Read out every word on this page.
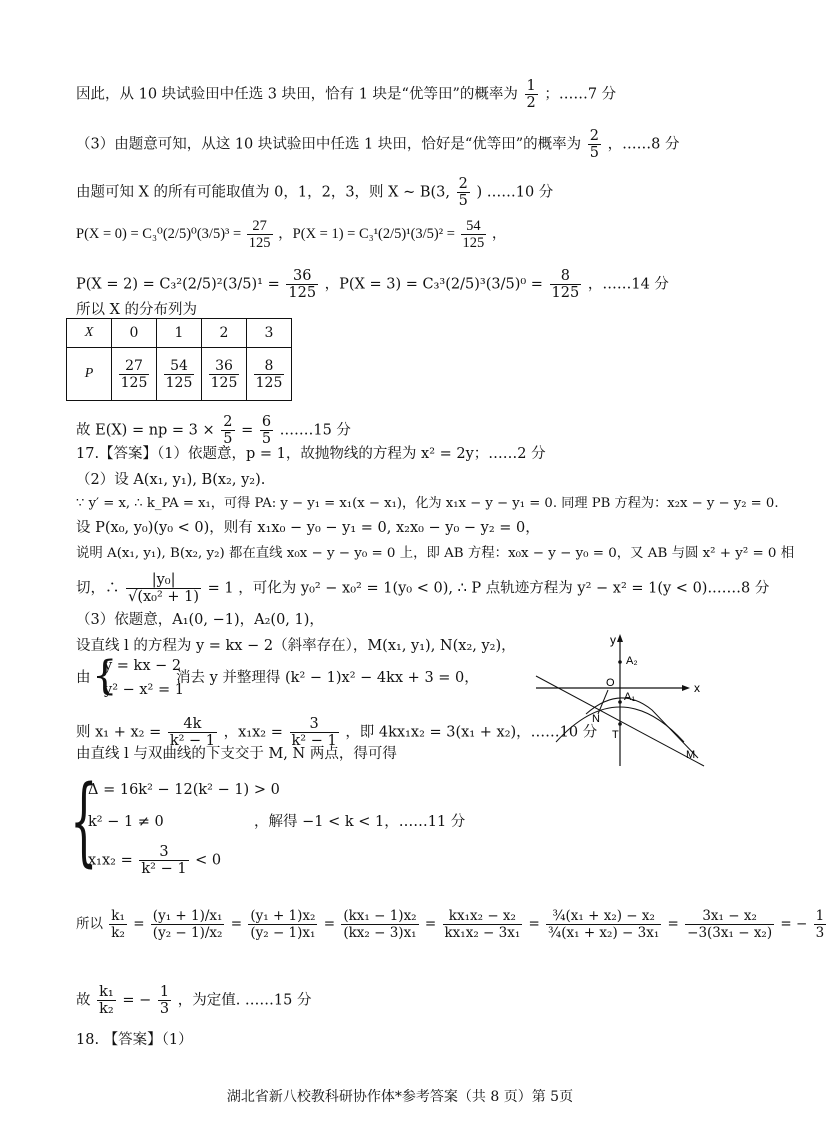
因此，从 10 块试验田中任选 3 块田，恰有 1 块是“优等田”的概率为 $\frac{1}{2}$ ；……7 分
（3）由题意可知，从这 10 块试验田中任选 1 块田，恰好是“优等田”的概率为 $\frac{2}{5}$ ，……8 分
由题可知 X 的所有可能取值为 0，1，2，3，则 X ~ B(3, $\frac{2}{5}$ ) ……10 分
$P(X = 0) = C_3^0(2/5)^0(3/5)^3 = \frac{27}{125}$ ，$P(X = 1) = C_3^1(2/5)^1(3/5)^2 = \frac{54}{125}$ ，
$P(X = 2) = C_3^2(2/5)^2(3/5)^1 = \frac{36}{125}$ ，$P(X = 3) = C_3^3(2/5)^3(3/5)^0 = \frac{8}{125}$ ，……14 分
所以 X 的分布列为
X	0	1	2	3
P	$\frac{27}{125}$	$\frac{54}{125}$	$\frac{36}{125}$	$\frac{8}{125}$
故 E(X) = np = $3 \times \frac{2}{5} = \frac{6}{5}$ .……15 分
17.【答案】（1）依题意，p = 1，故抛物线的方程为 x² = 2y；……2 分
（2）设 A(x₁, y₁), B(x₂, y₂).
∵ y′ = x, ∴ k_PA = x₁，可得 PA: y − y₁ = x₁(x − x₁)，化为 x₁x − y − y₁ = 0. 同理 PB 方程为：x₂x − y − y₂ = 0.
设 P(x₀, y₀)(y₀ < 0)，则有 x₁x₀ − y₀ − y₁ = 0, x₂x₀ − y₀ − y₂ = 0，
说明 A(x₁, y₁), B(x₂, y₂) 都在直线 x₀x − y − y₀ = 0 上，即 AB 方程：x₀x − y − y₀ = 0，又 AB 与圆 x² + y² = 0 相
切，∴ $\frac{\text{|y₀|}}{\text{√(x₀² + 1)}} = 1$ ，可化为 y₀² − x₀² = 1(y₀ < 0), ∴ P 点轨迹方程为 y² − x² = 1(y < 0).……8 分
（3）依题意，A₁(0, −1)，A₂(0, 1)，
设直线 l 的方程为 y = kx − 2（斜率存在），M(x₁, y₁), N(x₂, y₂)，
由 {
y = kx − 2
y² − x² = 1
消去 y 并整理得 (k² − 1)x² − 4kx + 3 = 0，
则 $x_1 + x_2 = \frac{4k}{\text{k² − 1}}$ ，$x_1x_2 = \frac{3}{\text{k² − 1}}$ ，即 4kx₁x₂ = 3(x₁ + x₂)，……10 分
由直线 l 与双曲线的下支交于 M, N 两点，得可得
{
Δ = 16k² − 12(k² − 1) > 0
k² − 1 ≠ 0	，解得 −1 < k < 1，……11 分
$x_1x_2 = \frac{3}{\text{k² − 1}} < 0$
所以 $\frac{\text{k₁}}{\text{k₂}} = \frac{\text{(y₁ + 1)/x₁}}{\text{(y₂ − 1)/x₂}} = \frac{\text{(y₁ + 1)x₂}}{\text{(y₂ − 1)x₁}} = \frac{\text{(kx₁ − 1)x₂}}{\text{(kx₂ − 3)x₁}} = \frac{\text{kx₁x₂ − x₂}}{\text{kx₁x₂ − 3x₁}} = \frac{\text{¾(x₁ + x₂) − x₂}}{\text{¾(x₁ + x₂) − 3x₁}} = \frac{\text{3x₁ − x₂}}{\text{−3(3x₁ − x₂)}}$ = − $\frac{1}{3}$
故 $\frac{\text{k₁}}{\text{k₂}}$ = − $\frac{1}{3}$ ，为定值. ……15 分
18. 【答案】（1）
y
x
A₂
O
A₁
N
T
M
湖北省新八校教科研协作体*参考答案（共 8 页）第 5页
